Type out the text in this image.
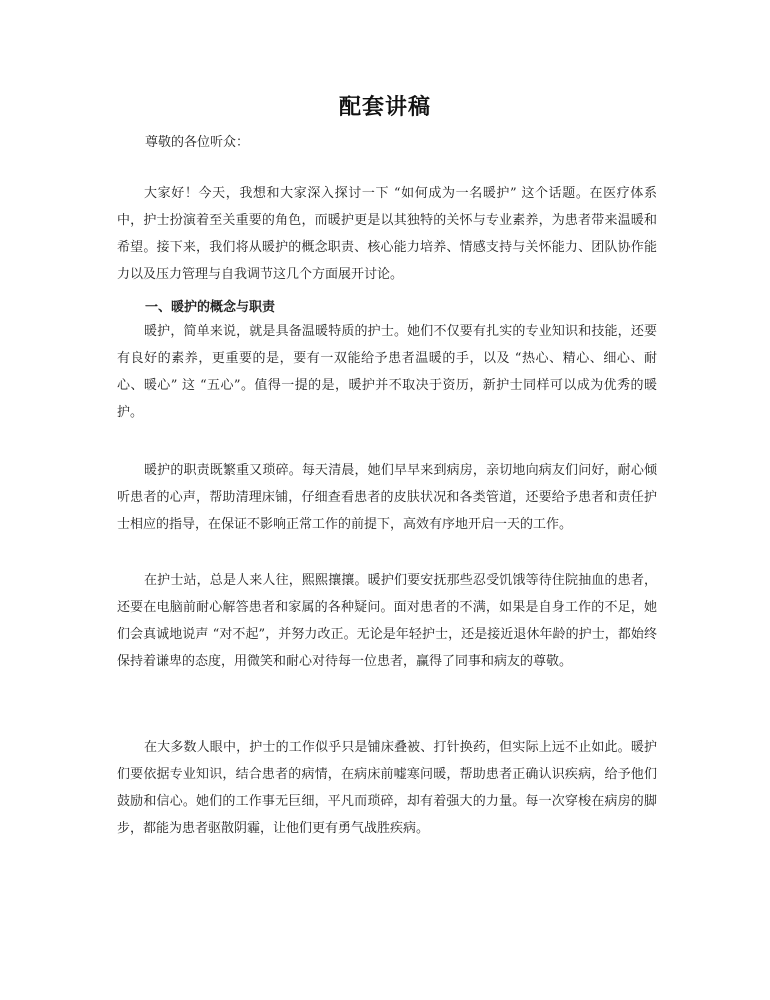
配套讲稿
尊敬的各位听众：

大家好！今天，我想和大家深入探讨一下 “如何成为一名暖护” 这个话题。在医疗体系中，护士扮演着至关重要的角色，而暖护更是以其独特的关怀与专业素养，为患者带来温暖和希望。接下来，我们将从暖护的概念职责、核心能力培养、情感支持与关怀能力、团队协作能力以及压力管理与自我调节这几个方面展开讨论。

一、暖护的概念与职责

暖护，简单来说，就是具备温暖特质的护士。她们不仅要有扎实的专业知识和技能，还要有良好的素养，更重要的是，要有一双能给予患者温暖的手，以及 “热心、精心、细心、耐心、暖心” 这 “五心”。值得一提的是，暖护并不取决于资历，新护士同样可以成为优秀的暖护。

暖护的职责既繁重又琐碎。每天清晨，她们早早来到病房，亲切地向病友们问好，耐心倾听患者的心声，帮助清理床铺，仔细查看患者的皮肤状况和各类管道，还要给予患者和责任护士相应的指导，在保证不影响正常工作的前提下，高效有序地开启一天的工作。

在护士站，总是人来人往，熙熙攘攘。暖护们要安抚那些忍受饥饿等待住院抽血的患者，还要在电脑前耐心解答患者和家属的各种疑问。面对患者的不满，如果是自身工作的不足，她们会真诚地说声 “对不起”，并努力改正。无论是年轻护士，还是接近退休年龄的护士，都始终保持着谦卑的态度，用微笑和耐心对待每一位患者，赢得了同事和病友的尊敬。

在大多数人眼中，护士的工作似乎只是铺床叠被、打针换药，但实际上远不止如此。暖护们要依据专业知识，结合患者的病情，在病床前嘘寒问暖，帮助患者正确认识疾病，给予他们鼓励和信心。她们的工作事无巨细，平凡而琐碎，却有着强大的力量。每一次穿梭在病房的脚步，都能为患者驱散阴霾，让他们更有勇气战胜疾病。
